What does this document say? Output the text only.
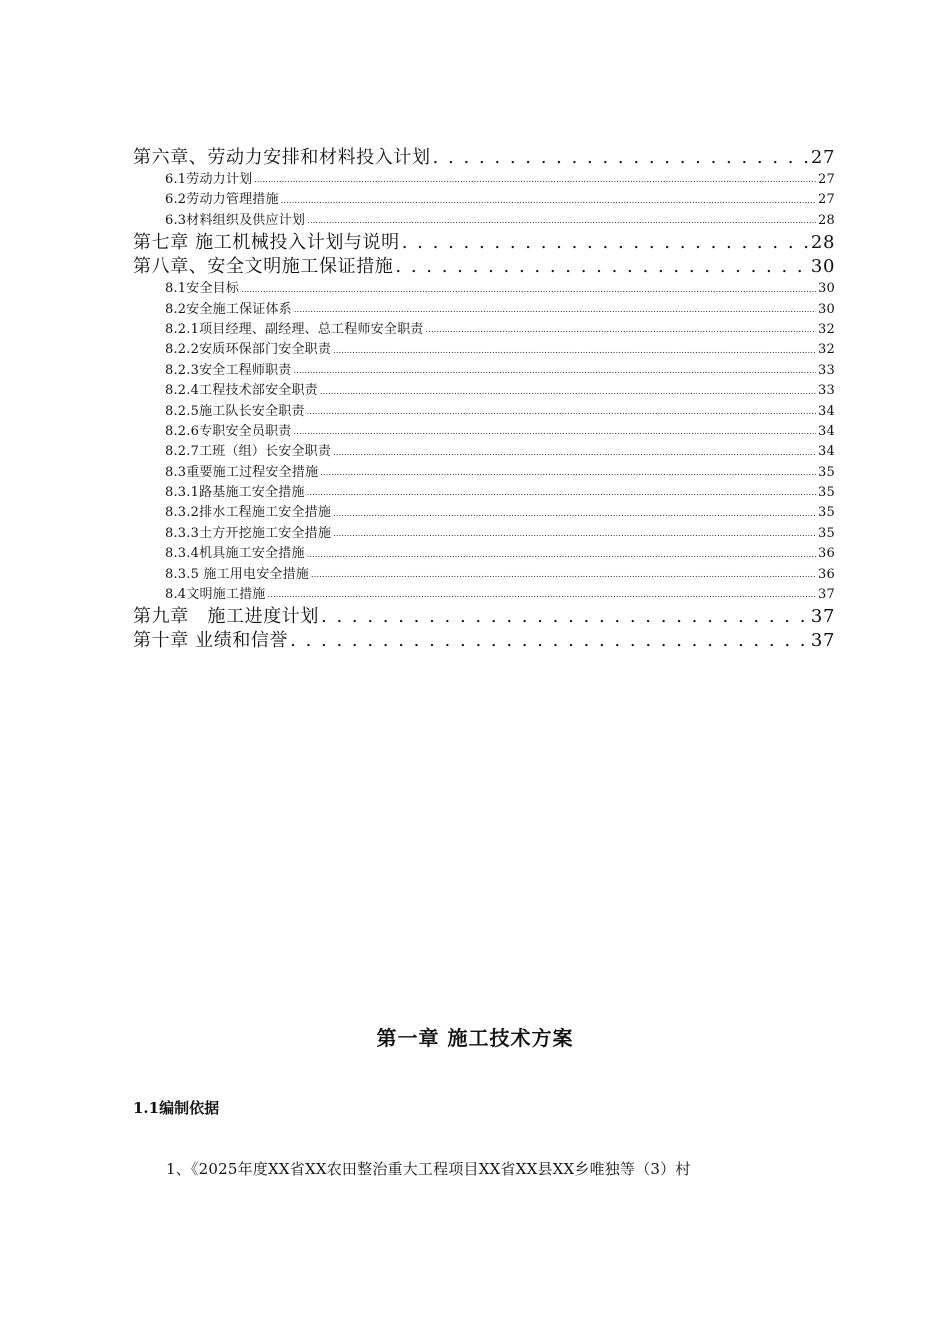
第六章、劳动力安排和材料投入计划 . . .	27
6.1劳动力计划 .....	27
6.2劳动力管理措施 .....	27
6.3材料组织及供应计划 .....	28
第七章 施工机械投入计划与说明 . . .	28
第八章、安全文明施工保证措施 . . .	30
8.1安全目标 .....	30
8.2安全施工保证体系 .....	30
8.2.1项目经理、副经理、总工程师安全职责 .....	32
8.2.2安质环保部门安全职责 .....	32
8.2.3安全工程师职责 .....	33
8.2.4工程技术部安全职责 .....	33
8.2.5施工队长安全职责 .....	34
8.2.6专职安全员职责 .....	34
8.2.7工班（组）长安全职责 .....	34
8.3重要施工过程安全措施 .....	35
8.3.1路基施工安全措施 .....	35
8.3.2排水工程施工安全措施 .....	35
8.3.3土方开挖施工安全措施 .....	35
8.3.4机具施工安全措施 .....	36
8.3.5 施工用电安全措施 .....	36
8.4文明施工措施 .....	37
第九章　施工进度计划 . . .	37
第十章 业绩和信誉 . . .	37
第一章 施工技术方案
1.1编制依据
1、《2025年度XX省XX农田整治重大工程项目XX省XX县XX乡唯独等（3）村
